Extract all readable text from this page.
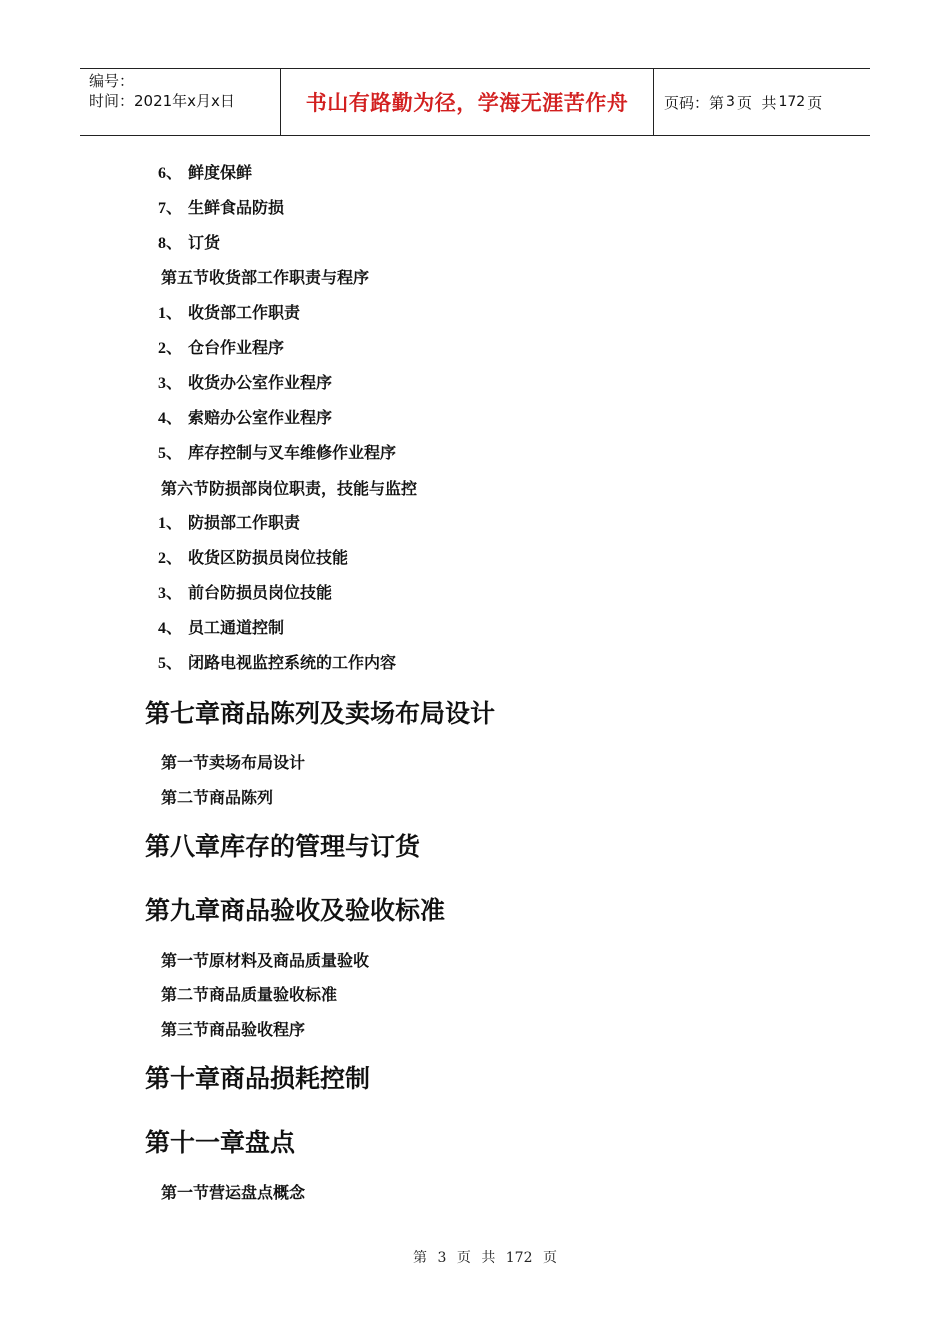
编号：
时间：2021年x月x日	书山有路勤为径，学海无涯苦作舟 页码：第 3 页  共 172 页
6、 鲜度保鲜
7、 生鲜食品防损
8、 订货
第五节收货部工作职责与程序
1、 收货部工作职责
2、 仓台作业程序
3、 收货办公室作业程序
4、 索赔办公室作业程序
5、 库存控制与叉车维修作业程序
第六节防损部岗位职责，技能与监控
1、 防损部工作职责
2、 收货区防损员岗位技能
3、 前台防损员岗位技能
4、 员工通道控制
5、 闭路电视监控系统的工作内容
第七章商品陈列及卖场布局设计
第一节卖场布局设计
第二节商品陈列
第八章库存的管理与订货
第九章商品验收及验收标准
第一节原材料及商品质量验收
第二节商品质量验收标准
第三节商品验收程序
第十章商品损耗控制
第十一章盘点
第一节营运盘点概念
第 3 页 共 172 页
